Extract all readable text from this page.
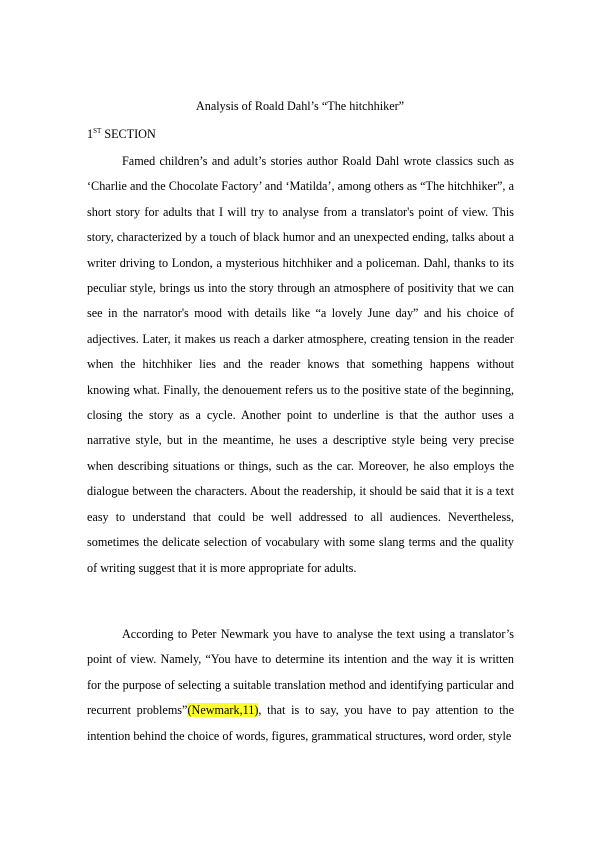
Analysis of Roald Dahl’s “The hitchhiker”

1ST SECTION

Famed children’s and adult’s stories author Roald Dahl wrote classics such as ‘Charlie and the Chocolate Factory’ and ‘Matilda’, among others as “The hitchhiker”, a short story for adults that I will try to analyse from a translator's point of view. This story, characterized by a touch of black humor and an unexpected ending, talks about a writer driving to London, a mysterious hitchhiker and a policeman. Dahl, thanks to its peculiar style, brings us into the story through an atmosphere of positivity that we can see in the narrator's mood with details like “a lovely June day” and his choice of adjectives. Later, it makes us reach a darker atmosphere, creating tension in the reader when the hitchhiker lies and the reader knows that something happens without knowing what. Finally, the denouement refers us to the positive state of the beginning, closing the story as a cycle. Another point to underline is that the author uses a narrative style, but in the meantime, he uses a descriptive style being very precise when describing situations or things, such as the car. Moreover, he also employs the dialogue between the characters. About the readership, it should be said that it is a text easy to understand that could be well addressed to all audiences. Nevertheless, sometimes the delicate selection of vocabulary with some slang terms and the quality of writing suggest that it is more appropriate for adults.

According to Peter Newmark you have to analyse the text using a translator’s point of view. Namely, “You have to determine its intention and the way it is written for the purpose of selecting a suitable translation method and identifying particular and recurrent problems”(Newmark,11), that is to say, you have to pay attention to the intention behind the choice of words, figures, grammatical structures, word order, style
